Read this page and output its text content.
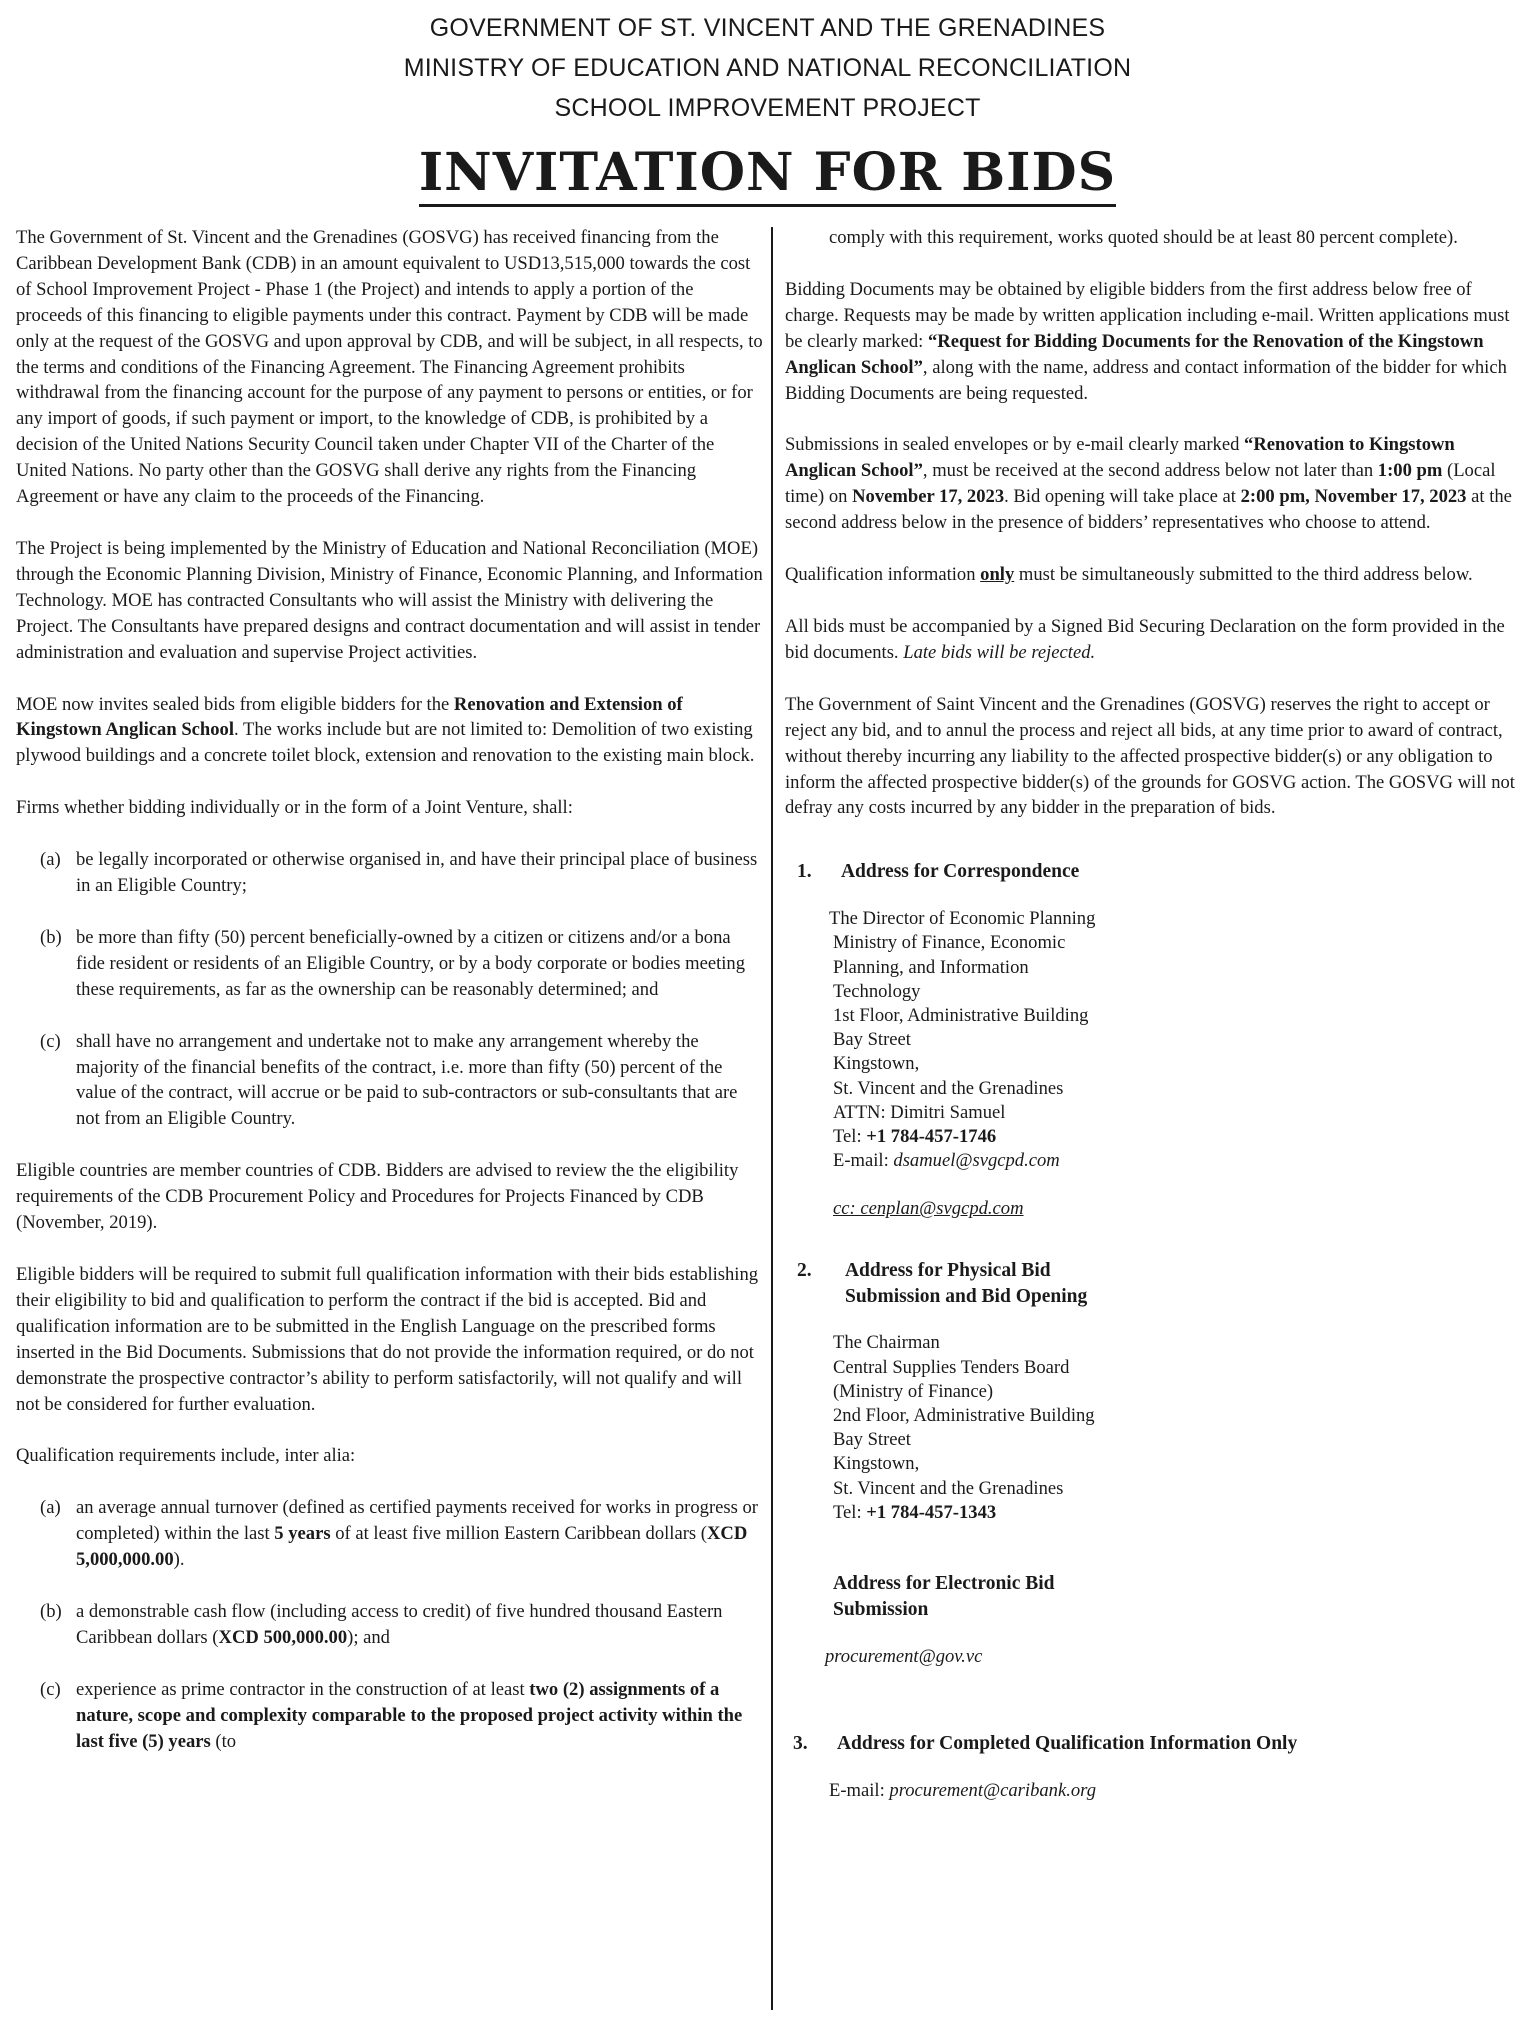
GOVERNMENT OF ST. VINCENT AND THE GRENADINES
MINISTRY OF EDUCATION AND NATIONAL RECONCILIATION
SCHOOL IMPROVEMENT PROJECT
INVITATION FOR BIDS

The Government of St. Vincent and the Grenadines (GOSVG) has received financing from the Caribbean Development Bank (CDB) in an amount equivalent to USD13,515,000 towards the cost of School Improvement Project - Phase 1 (the Project) and intends to apply a portion of the proceeds of this financing to eligible payments under this contract. Payment by CDB will be made only at the request of the GOSVG and upon approval by CDB, and will be subject, in all respects, to the terms and conditions of the Financing Agreement. The Financing Agreement prohibits withdrawal from the financing account for the purpose of any payment to persons or entities, or for any import of goods, if such payment or import, to the knowledge of CDB, is prohibited by a decision of the United Nations Security Council taken under Chapter VII of the Charter of the United Nations. No party other than the GOSVG shall derive any rights from the Financing Agreement or have any claim to the proceeds of the Financing.

The Project is being implemented by the Ministry of Education and National Reconciliation (MOE) through the Economic Planning Division, Ministry of Finance, Economic Planning, and Information Technology. MOE has contracted Consultants who will assist the Ministry with delivering the Project. The Consultants have prepared designs and contract documentation and will assist in tender administration and evaluation and supervise Project activities.

MOE now invites sealed bids from eligible bidders for the Renovation and Extension of Kingstown Anglican School. The works include but are not limited to: Demolition of two existing plywood buildings and a concrete toilet block, extension and renovation to the existing main block.

Firms whether bidding individually or in the form of a Joint Venture, shall:

(a) be legally incorporated or otherwise organised in, and have their principal place of business in an Eligible Country;
(b) be more than fifty (50) percent beneficially-owned by a citizen or citizens and/or a bona fide resident or residents of an Eligible Country, or by a body corporate or bodies meeting these requirements, as far as the ownership can be reasonably determined; and
(c) shall have no arrangement and undertake not to make any arrangement whereby the majority of the financial benefits of the contract, i.e. more than fifty (50) percent of the value of the contract, will accrue or be paid to sub-contractors or sub-consultants that are not from an Eligible Country.

Eligible countries are member countries of CDB. Bidders are advised to review the the eligibility requirements of the CDB Procurement Policy and Procedures for Projects Financed by CDB (November, 2019).

Eligible bidders will be required to submit full qualification information with their bids establishing their eligibility to bid and qualification to perform the contract if the bid is accepted. Bid and qualification information are to be submitted in the English Language on the prescribed forms inserted in the Bid Documents. Submissions that do not provide the information required, or do not demonstrate the prospective contractor’s ability to perform satisfactorily, will not qualify and will not be considered for further evaluation.

Qualification requirements include, inter alia:

(a) an average annual turnover (defined as certified payments received for works in progress or completed) within the last 5 years of at least five million Eastern Caribbean dollars (XCD 5,000,000.00).
(b) a demonstrable cash flow (including access to credit) of five hundred thousand Eastern Caribbean dollars (XCD 500,000.00); and
(c) experience as prime contractor in the construction of at least two (2) assignments of a nature, scope and complexity comparable to the proposed project activity within the last five (5) years (to

comply with this requirement, works quoted should be at least 80 percent complete).

Bidding Documents may be obtained by eligible bidders from the first address below free of charge. Requests may be made by written application including e-mail. Written applications must be clearly marked: “Request for Bidding Documents for the Renovation of the Kingstown Anglican School”, along with the name, address and contact information of the bidder for which Bidding Documents are being requested.

Submissions in sealed envelopes or by e-mail clearly marked “Renovation to Kingstown Anglican School”, must be received at the second address below not later than 1:00 pm (Local time) on November 17, 2023. Bid opening will take place at 2:00 pm, November 17, 2023 at the second address below in the presence of bidders’ representatives who choose to attend.

Qualification information only must be simultaneously submitted to the third address below.

All bids must be accompanied by a Signed Bid Securing Declaration on the form provided in the bid documents. Late bids will be rejected.

The Government of Saint Vincent and the Grenadines (GOSVG) reserves the right to accept or reject any bid, and to annul the process and reject all bids, at any time prior to award of contract, without thereby incurring any liability to the affected prospective bidder(s) or any obligation to inform the affected prospective bidder(s) of the grounds for GOSVG action. The GOSVG will not defray any costs incurred by any bidder in the preparation of bids.

1.	Address for Correspondence
The Director of Economic Planning
Ministry of Finance, Economic
Planning, and Information
Technology
1st Floor, Administrative Building
Bay Street
Kingstown,
St. Vincent and the Grenadines
ATTN: Dimitri Samuel
Tel: +1 784-457-1746
E-mail: dsamuel@svgcpd.com
cc: cenplan@svgcpd.com
2.	Address for Physical Bid
Submission and Bid Opening
The Chairman
Central Supplies Tenders Board
(Ministry of Finance)
2nd Floor, Administrative Building
Bay Street
Kingstown,
St. Vincent and the Grenadines
Tel: +1 784-457-1343
Address for Electronic Bid
Submission
procurement@gov.vc
3.	Address for Completed Qualification Information Only
E-mail: procurement@caribank.org
